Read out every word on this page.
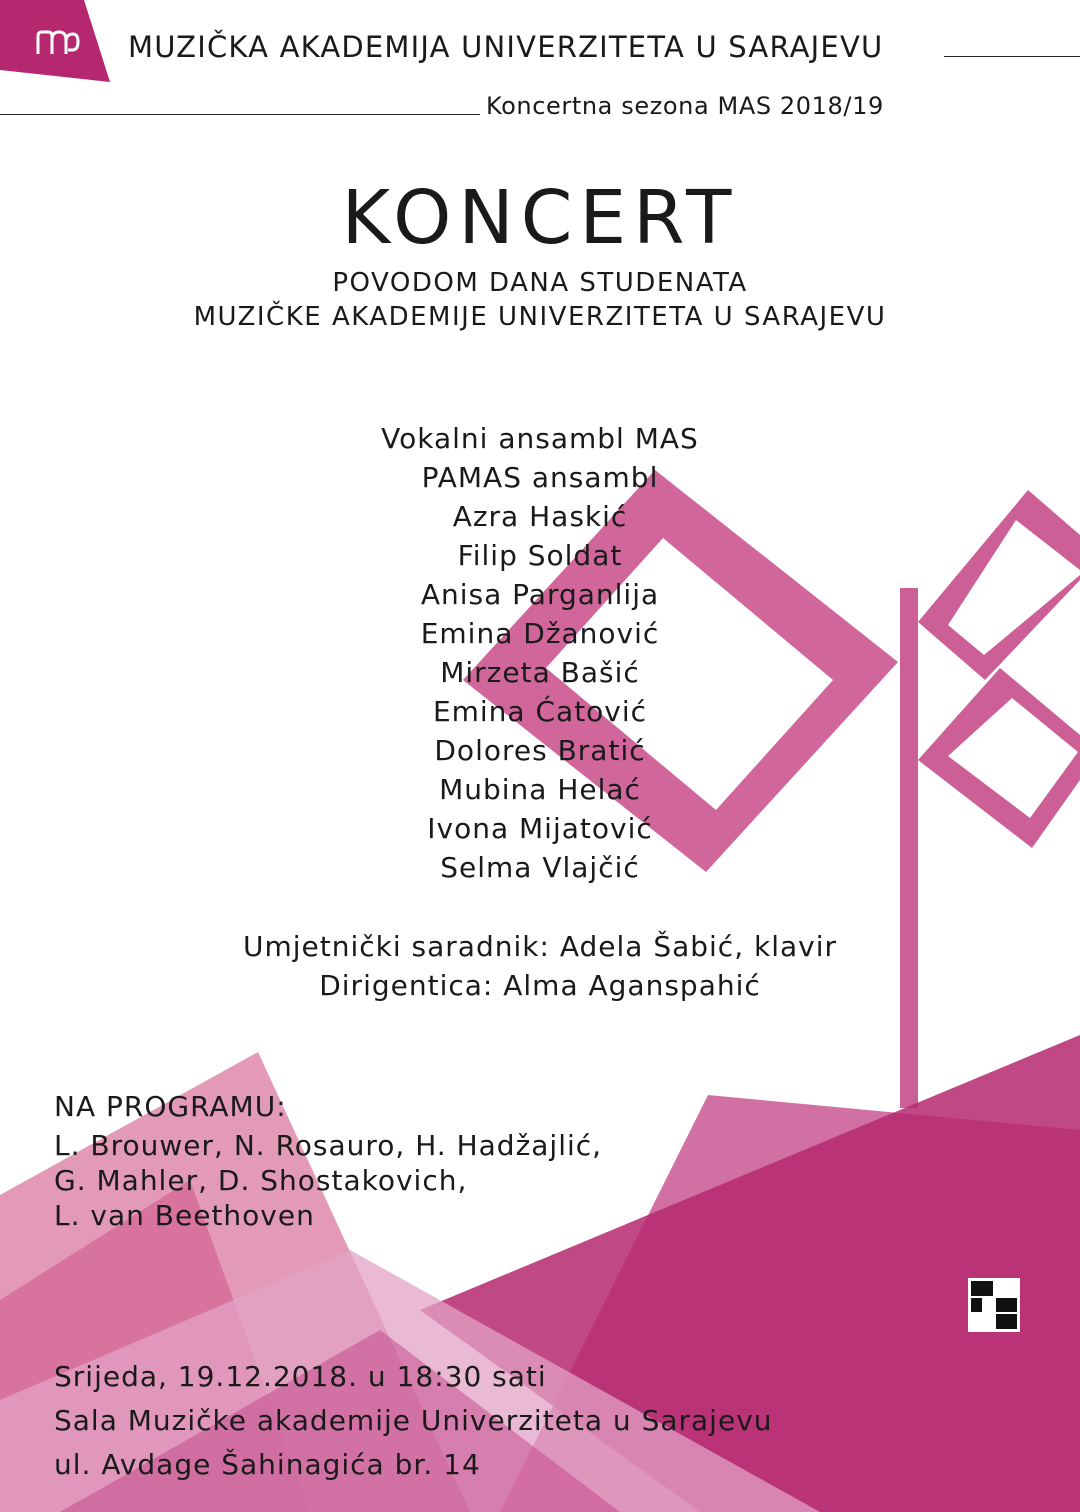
MUZIČKA AKADEMIJA UNIVERZITETA U SARAJEVU
Koncertna sezona MAS 2018/19
KONCERT
POVODOM DANA STUDENATA
MUZIČKE AKADEMIJE UNIVERZITETA U SARAJEVU
Vokalni ansambl MAS
PAMAS ansambl
Azra Haskić
Filip Soldat
Anisa Parganlija
Emina Džanović
Mirzeta Bašić
Emina Ćatović
Dolores Bratić
Mubina Helać
Ivona Mijatović
Selma Vlajčić
Umjetnički saradnik: Adela Šabić, klavir
Dirigentica: Alma Aganspahić
NA PROGRAMU:
L. Brouwer, N. Rosauro, H. Hadžajlić,
G. Mahler, D. Shostakovich,
L. van Beethoven
Srijeda, 19.12.2018. u 18:30 sati
Sala Muzičke akademije Univerziteta u Sarajevu
ul. Avdage Šahinagića br. 14
